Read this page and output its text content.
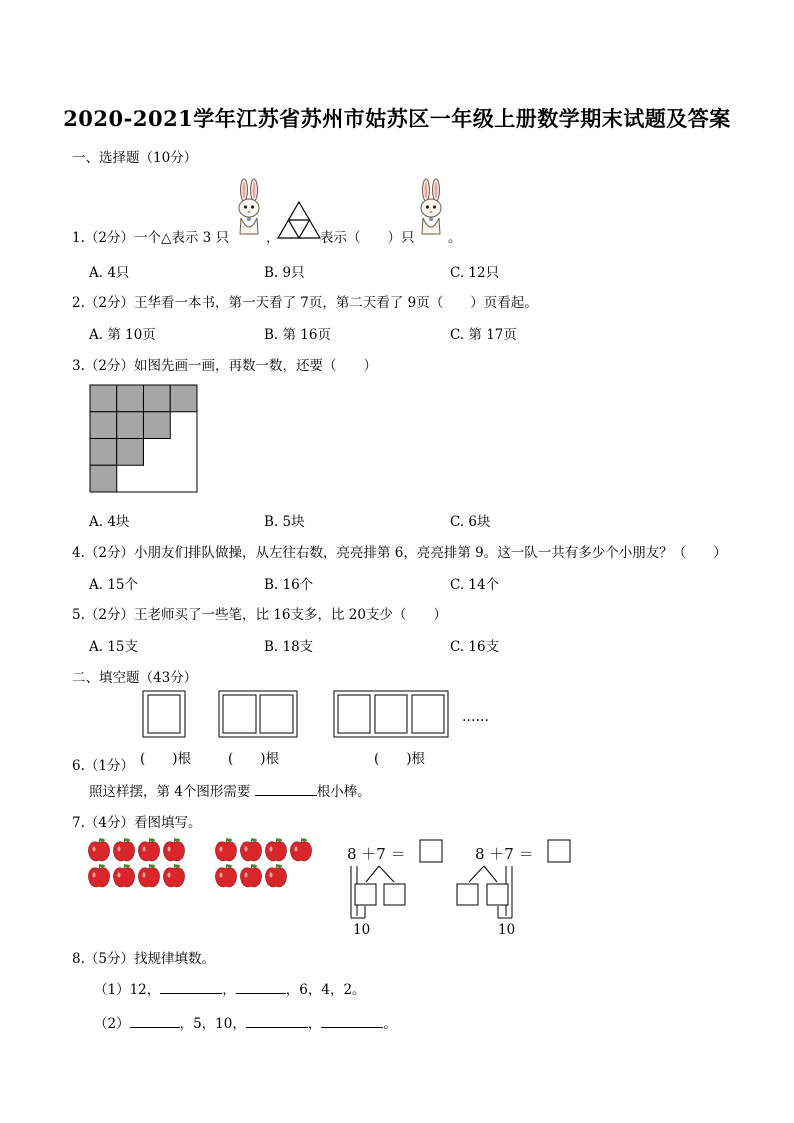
2020-2021学年江苏省苏州市姑苏区一年级上册数学期末试题及答案
一、选择题（10分）
1.（2分）一个△表示 3 只	，	表示（　　）只 。
A. 4只	B. 9只	C. 12只
2.（2分）王华看一本书，第一天看了 7页，第二天看了 9页（　　）页看起。
A. 第 10页	B. 第 16页	C. 第 17页
3.（2分）如图先画一画，再数一数，还要（　　）
A. 4块	B. 5块	C. 6块
4.（2分）小朋友们排队做操，从左往右数，亮亮排第 6，亮亮排第 9。这一队一共有多少个小朋友？（　　）
A. 15个	B. 16个	C. 14个
5.（2分）王老师买了一些笔，比 16支多，比 20支少（　　）
A. 15支	B. 18支	C. 16支
二、填空题（43分）
……
6.（1分） (　　)根	(　　)根	(　　)根
照这样摆，第 4个图形需要	根小棒。
7.（4分）看图填写。
8 ＋7 ＝
10
8 ＋7 ＝
10
8.（5分）找规律填数。
（1）12，	，	，6，4，2。
（2）	，5，10，	，	。
